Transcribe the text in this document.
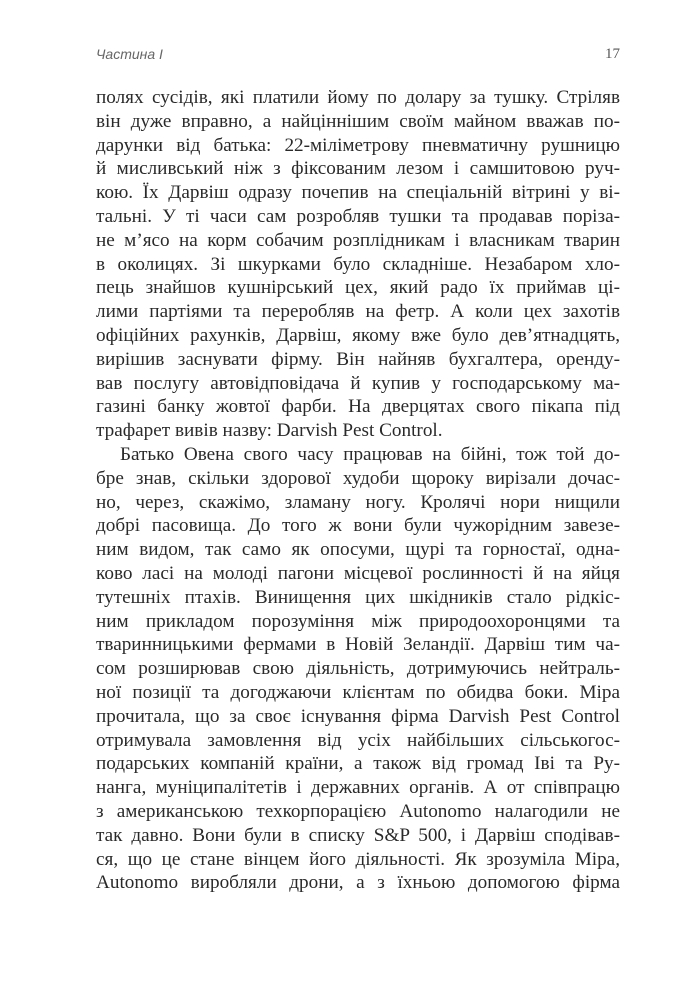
Частина I	17
полях сусідів, які платили йому по долару за тушку. Стріляв
він дуже вправно, а найціннішим своїм майном вважав по-
дарунки від батька: 22-міліметрову пневматичну рушницю
й мисливський ніж з фіксованим лезом і самшитовою руч-
кою. Їх Дарвіш одразу почепив на спеціальній вітрині у ві-
тальні. У ті часи сам розробляв тушки та продавав поріза-
не м’ясо на корм собачим розплідникам і власникам тварин
в околицях. Зі шкурками було складніше. Незабаром хло-
пець знайшов кушнірський цех, який радо їх приймав ці-
лими партіями та переробляв на фетр. А коли цех захотів
офіційних рахунків, Дарвіш, якому вже було дев’ятнадцять,
вирішив заснувати фірму. Він найняв бухгалтера, оренду-
вав послугу автовідповідача й купив у господарському ма-
газині банку жовтої фарби. На дверцятах свого пікапа під
трафарет вивів назву: Darvish Pest Control.
Батько Овена свого часу працював на бійні, тож той до-
бре знав, скільки здорової худоби щороку вирізали дочас-
но, через, скажімо, зламану ногу. Кролячі нори нищили
добрі пасовища. До того ж вони були чужорідним завезе-
ним видом, так само як опосуми, щурі та горностаї, одна-
ково ласі на молоді пагони місцевої рослинності й на яйця
тутешніх птахів. Винищення цих шкідників стало рідкіс-
ним прикладом порозуміння між природоохоронцями та
тваринницькими фермами в Новій Зеландії. Дарвіш тим ча-
сом розширював свою діяльність, дотримуючись нейтраль-
ної позиції та догоджаючи клієнтам по обидва боки. Міра
прочитала, що за своє існування фірма Darvish Pest Control
отримувала замовлення від усіх найбільших сільськогос-
подарських компаній країни, а також від громад Іві та Ру-
нанга, муніципалітетів і державних органів. А от співпрацю
з американською техкорпорацією Autonomo налагодили не
так давно. Вони були в списку S&P 500, і Дарвіш сподівав-
ся, що це стане вінцем його діяльності. Як зрозуміла Міра,
Autonomo виробляли дрони, а з їхньою допомогою фірма
